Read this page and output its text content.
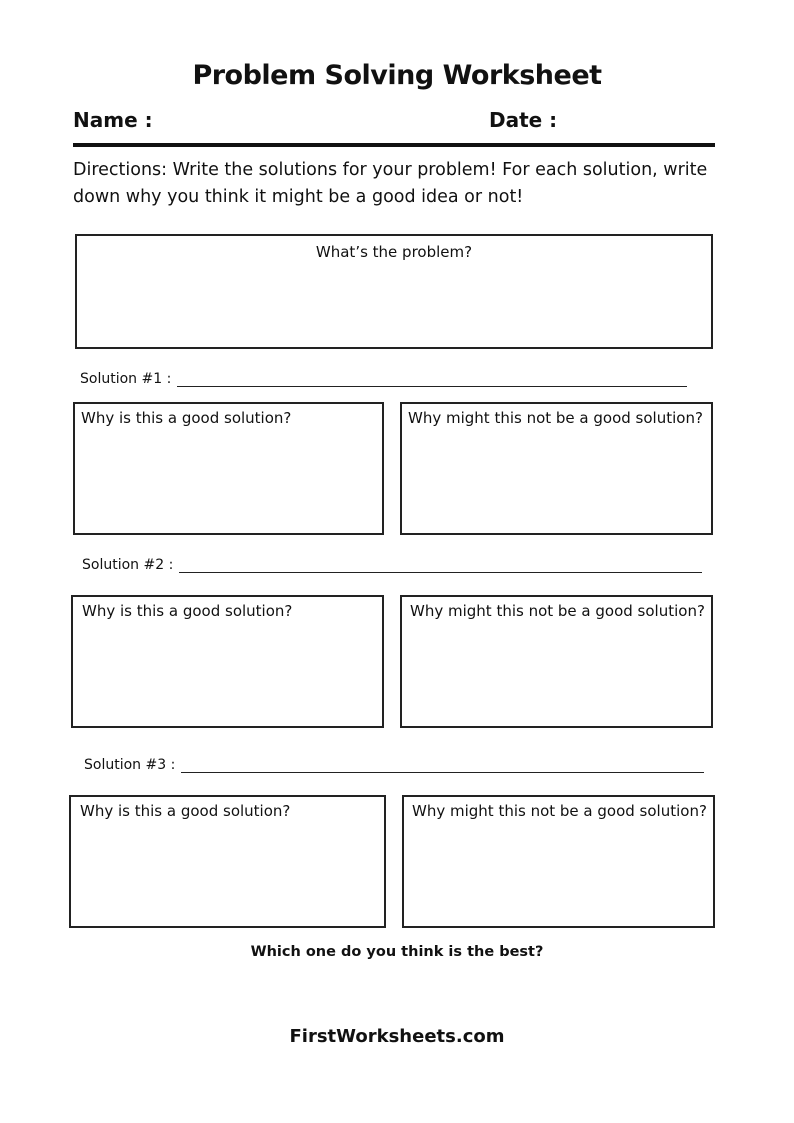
Problem Solving Worksheet
Name :	Date :
Directions: Write the solutions for your problem! For each solution, write down why you think it might be a good idea or not!
What’s the problem?
Solution #1 :
Why is this a good solution?	Why might this not be a good solution?
Solution #2 :
Why is this a good solution?	Why might this not be a good solution?
Solution #3 :
Why is this a good solution?	Why might this not be a good solution?
Which one do you think is the best?
FirstWorksheets.com
